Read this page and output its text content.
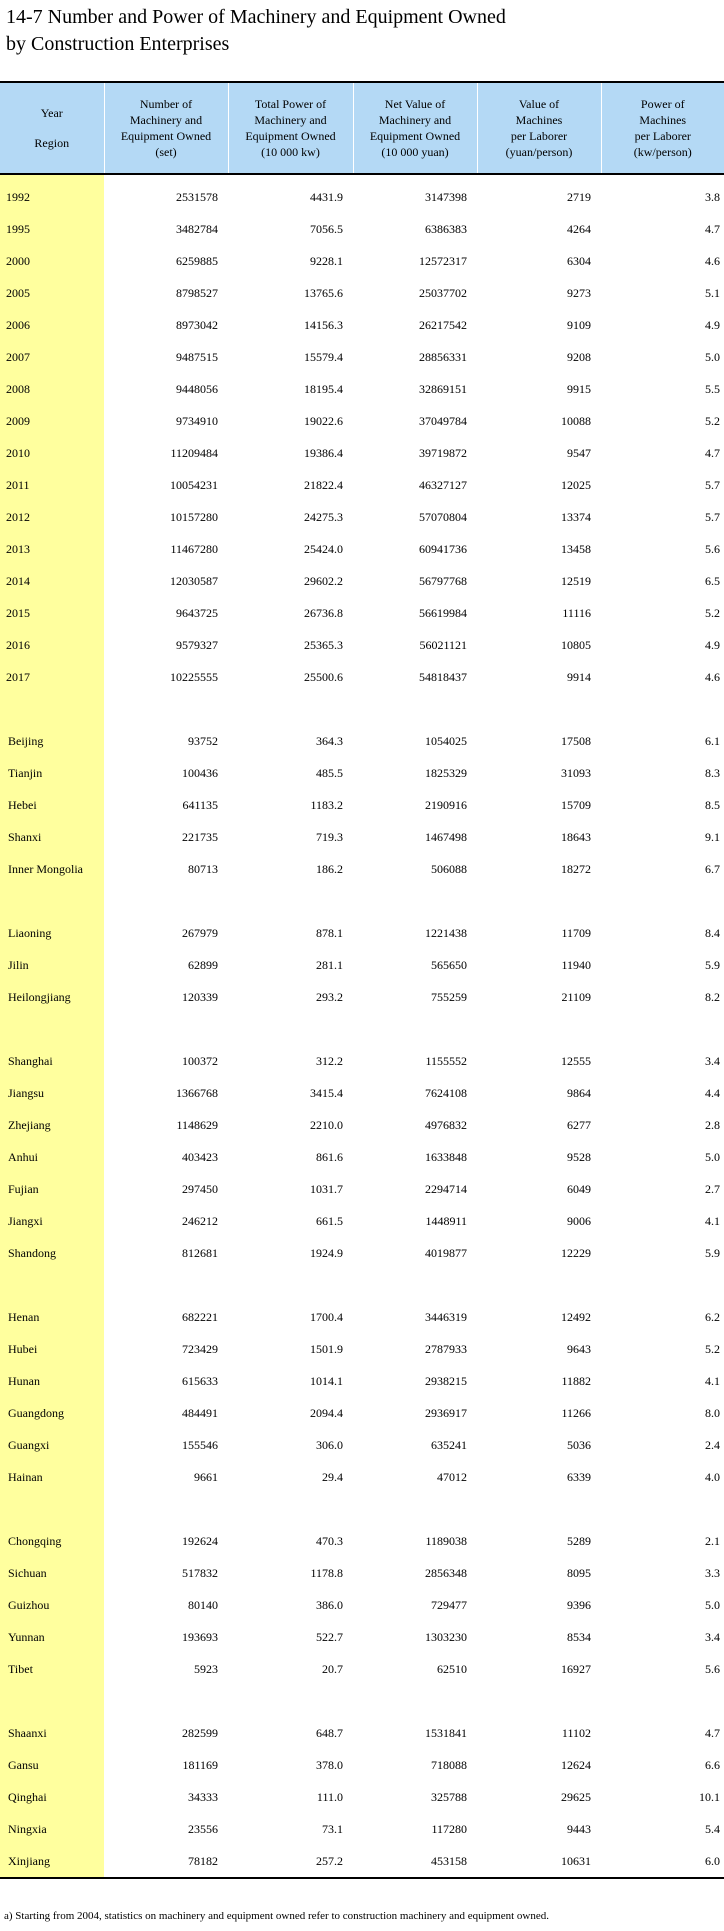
14-7 Number and Power of Machinery and Equipment Owned
by Construction Enterprises
Year
Region	Number of
Machinery and
Equipment Owned
(set)	Total Power of
Machinery and
Equipment Owned
(10 000 kw)	Net Value of
Machinery and
Equipment Owned
(10 000 yuan)	Value of
Machines
per Laborer
(yuan/person)	Power of
Machines
per Laborer
(kw/person)

1992	2531578	4431.9	3147398	2719	3.8
1995	3482784	7056.5	6386383	4264	4.7
2000	6259885	9228.1	12572317	6304	4.6
2005	8798527	13765.6	25037702	9273	5.1
2006	8973042	14156.3	26217542	9109	4.9
2007	9487515	15579.4	28856331	9208	5.0
2008	9448056	18195.4	32869151	9915	5.5
2009	9734910	19022.6	37049784	10088	5.2
2010	11209484	19386.4	39719872	9547	4.7
2011	10054231	21822.4	46327127	12025	5.7
2012	10157280	24275.3	57070804	13374	5.7
2013	11467280	25424.0	60941736	13458	5.6
2014	12030587	29602.2	56797768	12519	6.5
2015	9643725	26736.8	56619984	11116	5.2
2016	9579327	25365.3	56021121	10805	4.9
2017	10225555	25500.6	54818437	9914	4.6

Beijing	93752	364.3	1054025	17508	6.1
Tianjin	100436	485.5	1825329	31093	8.3
Hebei	641135	1183.2	2190916	15709	8.5
Shanxi	221735	719.3	1467498	18643	9.1
Inner Mongolia	80713	186.2	506088	18272	6.7

Liaoning	267979	878.1	1221438	11709	8.4
Jilin	62899	281.1	565650	11940	5.9
Heilongjiang	120339	293.2	755259	21109	8.2

Shanghai	100372	312.2	1155552	12555	3.4
Jiangsu	1366768	3415.4	7624108	9864	4.4
Zhejiang	1148629	2210.0	4976832	6277	2.8
Anhui	403423	861.6	1633848	9528	5.0
Fujian	297450	1031.7	2294714	6049	2.7
Jiangxi	246212	661.5	1448911	9006	4.1
Shandong	812681	1924.9	4019877	12229	5.9

Henan	682221	1700.4	3446319	12492	6.2
Hubei	723429	1501.9	2787933	9643	5.2
Hunan	615633	1014.1	2938215	11882	4.1
Guangdong	484491	2094.4	2936917	11266	8.0
Guangxi	155546	306.0	635241	5036	2.4
Hainan	9661	29.4	47012	6339	4.0

Chongqing	192624	470.3	1189038	5289	2.1
Sichuan	517832	1178.8	2856348	8095	3.3
Guizhou	80140	386.0	729477	9396	5.0
Yunnan	193693	522.7	1303230	8534	3.4
Tibet	5923	20.7	62510	16927	5.6

Shaanxi	282599	648.7	1531841	11102	4.7
Gansu	181169	378.0	718088	12624	6.6
Qinghai	34333	111.0	325788	29625	10.1
Ningxia	23556	73.1	117280	9443	5.4
Xinjiang	78182	257.2	453158	10631	6.0
a) Starting from 2004, statistics on machinery and equipment owned refer to construction machinery and equipment owned.
